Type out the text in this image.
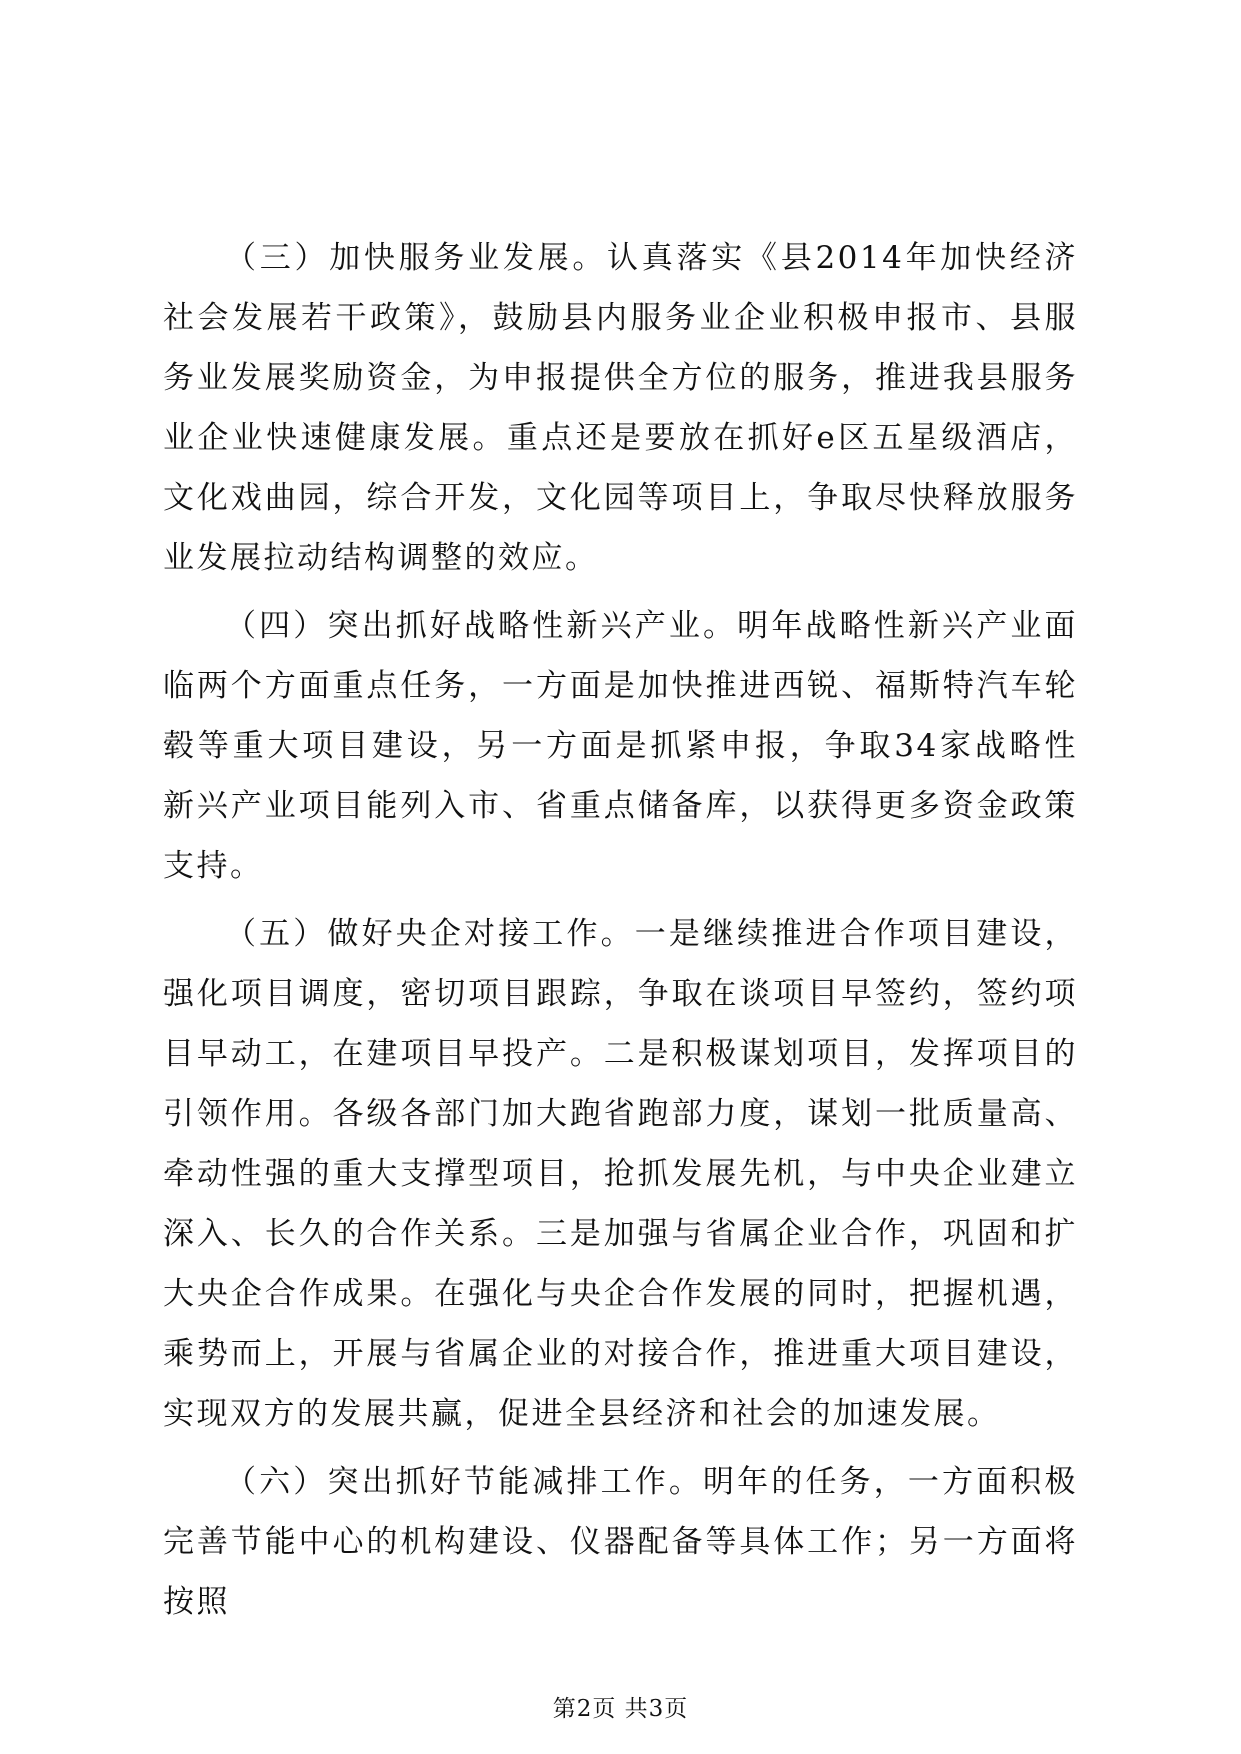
（三）加快服务业发展。认真落实《县2014年加快经济社会发展若干政策》，鼓励县内服务业企业积极申报市、县服务业发展奖励资金，为申报提供全方位的服务，推进我县服务业企业快速健康发展。重点还是要放在抓好e区五星级酒店，文化戏曲园，综合开发，文化园等项目上，争取尽快释放服务业发展拉动结构调整的效应。

（四）突出抓好战略性新兴产业。明年战略性新兴产业面临两个方面重点任务，一方面是加快推进西锐、福斯特汽车轮毂等重大项目建设，另一方面是抓紧申报，争取34家战略性新兴产业项目能列入市、省重点储备库，以获得更多资金政策支持。

（五）做好央企对接工作。一是继续推进合作项目建设，强化项目调度，密切项目跟踪，争取在谈项目早签约，签约项目早动工，在建项目早投产。二是积极谋划项目，发挥项目的引领作用。各级各部门加大跑省跑部力度，谋划一批质量高、牵动性强的重大支撑型项目，抢抓发展先机，与中央企业建立深入、长久的合作关系。三是加强与省属企业合作，巩固和扩大央企合作成果。在强化与央企合作发展的同时，把握机遇，乘势而上，开展与省属企业的对接合作，推进重大项目建设，实现双方的发展共赢，促进全县经济和社会的加速发展。

（六）突出抓好节能减排工作。明年的任务，一方面积极完善节能中心的机构建设、仪器配备等具体工作；另一方面将按照

第2页 共3页
